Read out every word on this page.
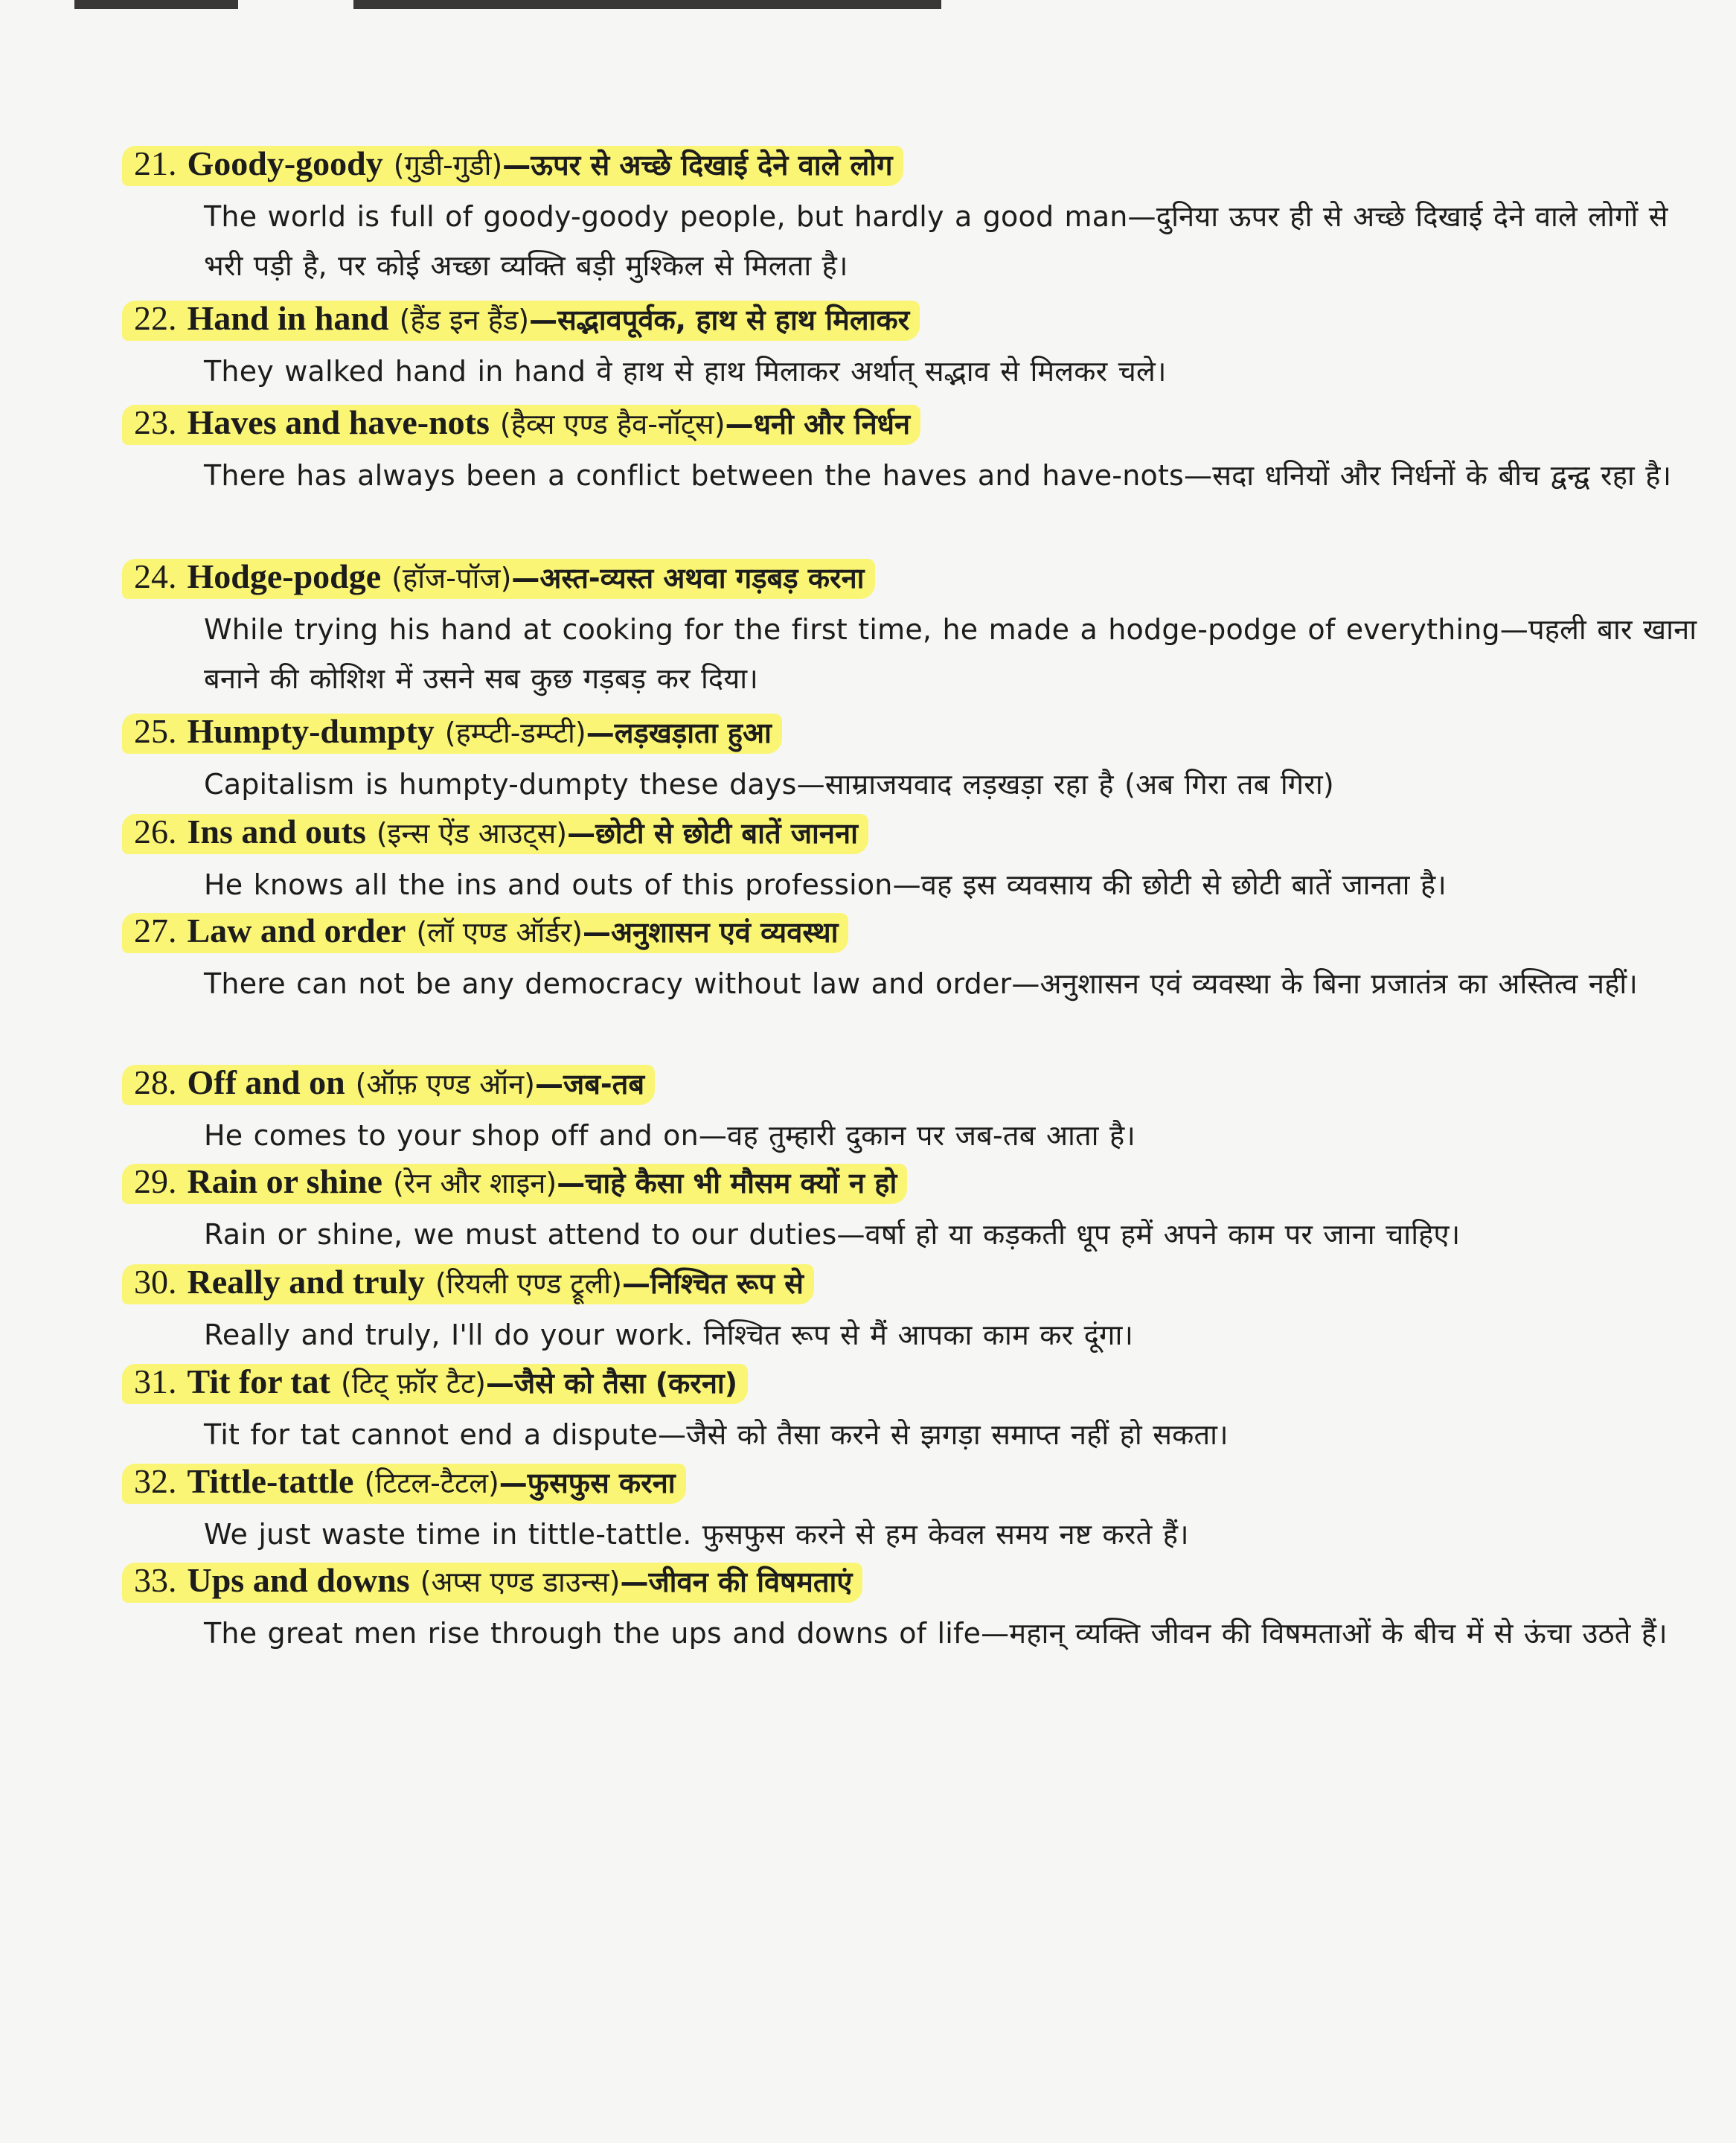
21. Goody-goody (गुडी-गुडी)—ऊपर से अच्छे दिखाई देने वाले लोग
The world is full of goody-goody people, but hardly a good man—दुनिया ऊपर ही से अच्छे दिखाई देने वाले लोगों से भरी पड़ी है, पर कोई अच्छा व्यक्ति बड़ी मुश्किल से मिलता है।
22. Hand in hand (हैंड इन हैंड)—सद्भावपूर्वक, हाथ से हाथ मिलाकर
They walked hand in hand वे हाथ से हाथ मिलाकर अर्थात् सद्भाव से मिलकर चले।
23. Haves and have-nots (हैव्स एण्ड हैव-नॉट्स)—धनी और निर्धन
There has always been a conflict between the haves and have-nots—सदा धनियों और निर्धनों के बीच द्वन्द्व रहा है।
24. Hodge-podge (हॉज-पॉज)—अस्त-व्यस्त अथवा गड़बड़ करना
While trying his hand at cooking for the first time, he made a hodge-podge of everything—पहली बार खाना बनाने की कोशिश में उसने सब कुछ गड़बड़ कर दिया।
25. Humpty-dumpty (हम्प्टी-डम्प्टी)—लड़खड़ाता हुआ
Capitalism is humpty-dumpty these days—साम्राजयवाद लड़खड़ा रहा है (अब गिरा तब गिरा)
26. Ins and outs (इन्स ऐंड आउट्स)—छोटी से छोटी बातें जानना
He knows all the ins and outs of this profession—वह इस व्यवसाय की छोटी से छोटी बातें जानता है।
27. Law and order (लॉ एण्ड ऑर्डर)—अनुशासन एवं व्यवस्था
There can not be any democracy without law and order—अनुशासन एवं व्यवस्था के बिना प्रजातंत्र का अस्तित्व नहीं।
28. Off and on (ऑफ़ एण्ड ऑन)—जब-तब
He comes to your shop off and on—वह तुम्हारी दुकान पर जब-तब आता है।
29. Rain or shine (रेन और शाइन)—चाहे कैसा भी मौसम क्यों न हो
Rain or shine, we must attend to our duties—वर्षा हो या कड़कती धूप हमें अपने काम पर जाना चाहिए।
30. Really and truly (रियली एण्ड ट्रूली)—निश्चित रूप से
Really and truly, I'll do your work. निश्चित रूप से मैं आपका काम कर दूंगा।
31. Tit for tat (टिट् फ़ॉर टैट)—जैसे को तैसा (करना)
Tit for tat cannot end a dispute—जैसे को तैसा करने से झगड़ा समाप्त नहीं हो सकता।
32. Tittle-tattle (टिटल-टैटल)—फुसफुस करना
We just waste time in tittle-tattle. फुसफुस करने से हम केवल समय नष्ट करते हैं।
33. Ups and downs (अप्स एण्ड डाउन्स)—जीवन की विषमताएं
The great men rise through the ups and downs of life—महान् व्यक्ति जीवन की विषमताओं के बीच में से ऊंचा उठते हैं।
